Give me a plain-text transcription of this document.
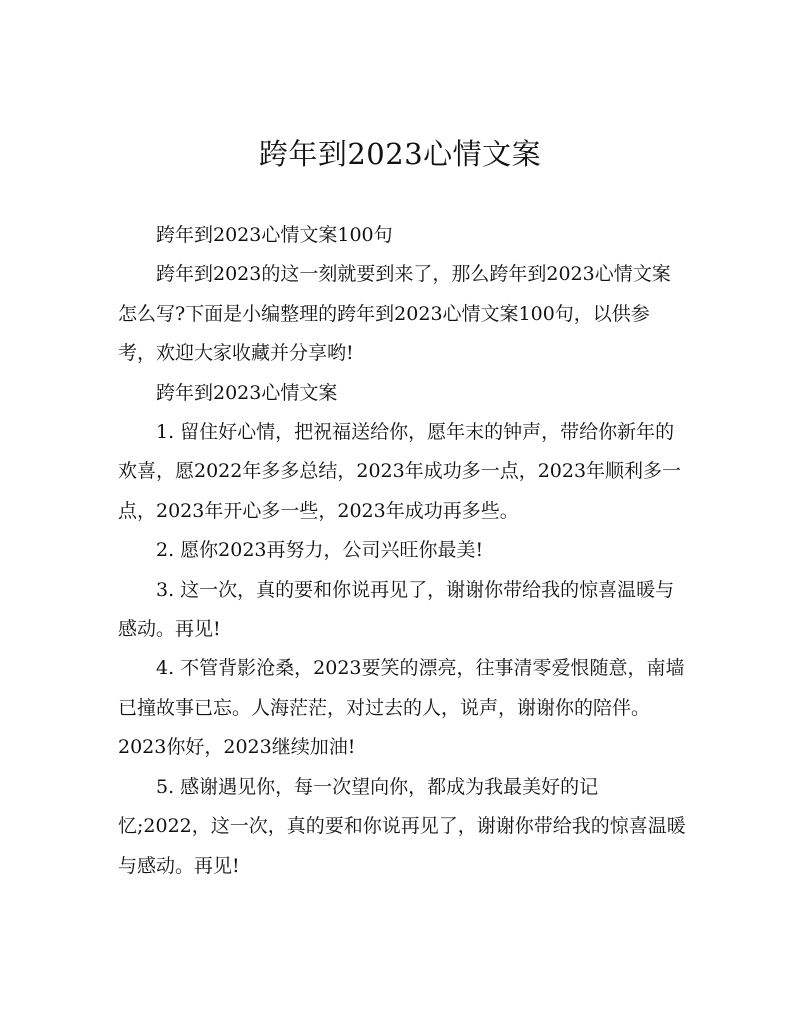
跨年到2023心情文案

跨年到2023心情文案100句

跨年到2023的这一刻就要到来了，那么跨年到2023心情文案怎么写?下面是小编整理的跨年到2023心情文案100句，以供参考，欢迎大家收藏并分享哟!

跨年到2023心情文案

1. 留住好心情，把祝福送给你，愿年末的钟声，带给你新年的欢喜，愿2022年多多总结，2023年成功多一点，2023年顺利多一点，2023年开心多一些，2023年成功再多些。

2. 愿你2023再努力，公司兴旺你最美!

3. 这一次，真的要和你说再见了，谢谢你带给我的惊喜温暖与感动。再见!

4. 不管背影沧桑，2023要笑的漂亮，往事清零爱恨随意，南墙已撞故事已忘。人海茫茫，对过去的人，说声，谢谢你的陪伴。2023你好，2023继续加油!

5. 感谢遇见你，每一次望向你，都成为我最美好的记忆;2022，这一次，真的要和你说再见了，谢谢你带给我的惊喜温暖与感动。再见!
